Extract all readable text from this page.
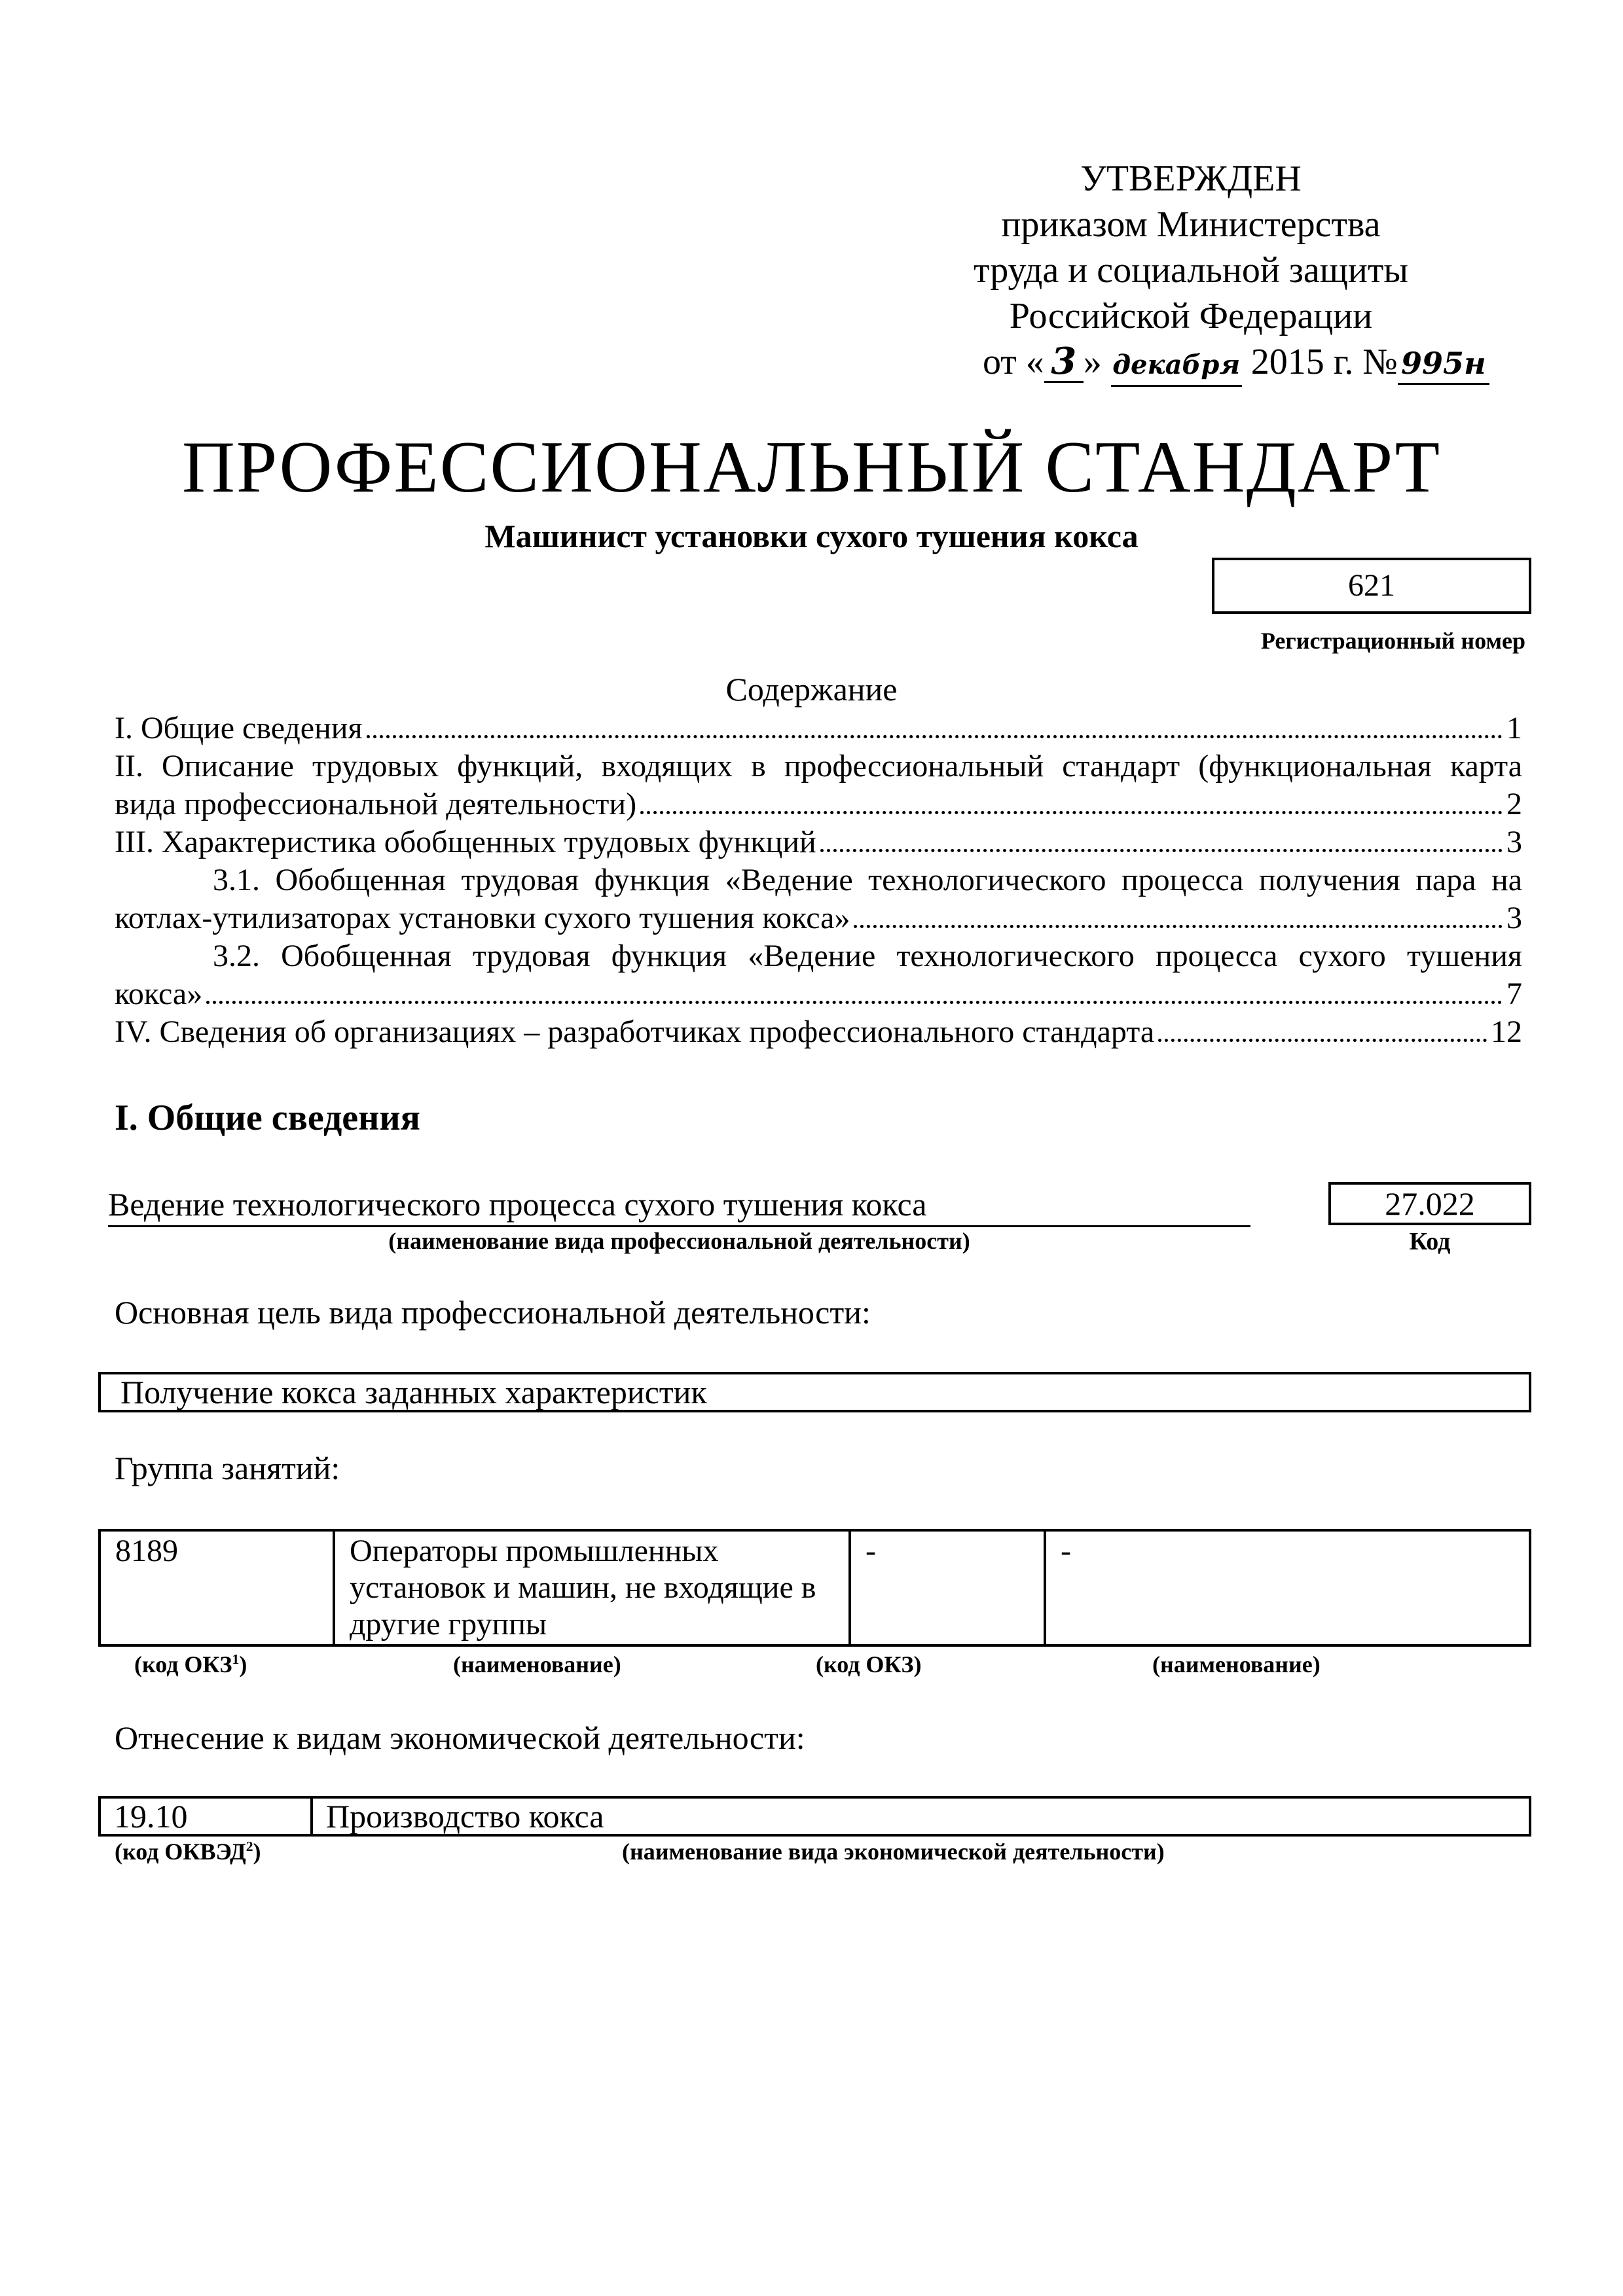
УТВЕРЖДЕН
приказом Министерства
труда и социальной защиты
Российской Федерации
от « 3 » декабря 2015 г. № 995н
ПРОФЕССИОНАЛЬНЫЙ СТАНДАРТ
Машинист установки сухого тушения кокса
621
Регистрационный номер
Содержание
I. Общие сведения	1
II. Описание трудовых функций, входящих в профессиональный стандарт (функциональная карта
вида профессиональной деятельности)	2
III. Характеристика обобщенных трудовых функций	3
3.1. Обобщенная трудовая функция «Ведение технологического процесса получения пара на
котлах-утилизаторах установки сухого тушения кокса»	3
3.2. Обобщенная трудовая функция «Ведение технологического процесса сухого тушения
кокса»	7
IV. Сведения об организациях – разработчиках профессионального стандарта	12
I. Общие сведения
Ведение технологического процесса сухого тушения кокса
(наименование вида профессиональной деятельности)
27.022
Код
Основная цель вида профессиональной деятельности:
Получение кокса заданных характеристик
Группа занятий:
8189	Операторы промышленных установок и машин, не входящие в другие группы	-	-
(код ОКЗ$^1$)	(наименование)	(код ОКЗ)	(наименование)
Отнесение к видам экономической деятельности:
19.10	Производство кокса
(код ОКВЭД$^2$)	(наименование вида экономической деятельности)
